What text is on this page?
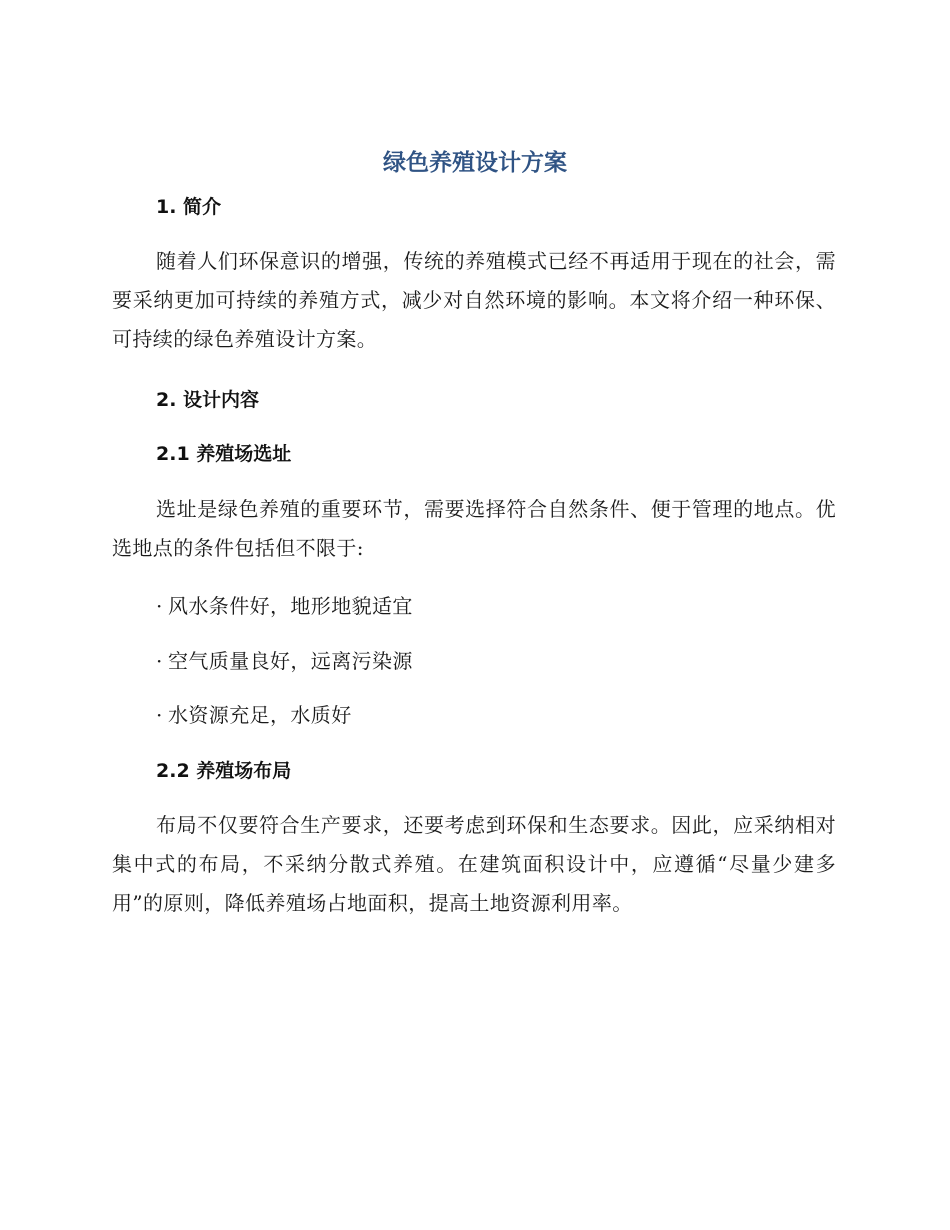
绿色养殖设计方案
1. 简介

随着人们环保意识的增强，传统的养殖模式已经不再适用于现在的社会，需要采纳更加可持续的养殖方式，减少对自然环境的影响。本文将介绍一种环保、可持续的绿色养殖设计方案。

2. 设计内容
2.1 养殖场选址

选址是绿色养殖的重要环节，需要选择符合自然条件、便于管理的地点。优选地点的条件包括但不限于:

· 风水条件好，地形地貌适宜

· 空气质量良好，远离污染源

· 水资源充足，水质好

2.2 养殖场布局

布局不仅要符合生产要求，还要考虑到环保和生态要求。因此，应采纳相对集中式的布局，不采纳分散式养殖。在建筑面积设计中，应遵循“尽量少建多用”的原则，降低养殖场占地面积，提高土地资源利用率。
